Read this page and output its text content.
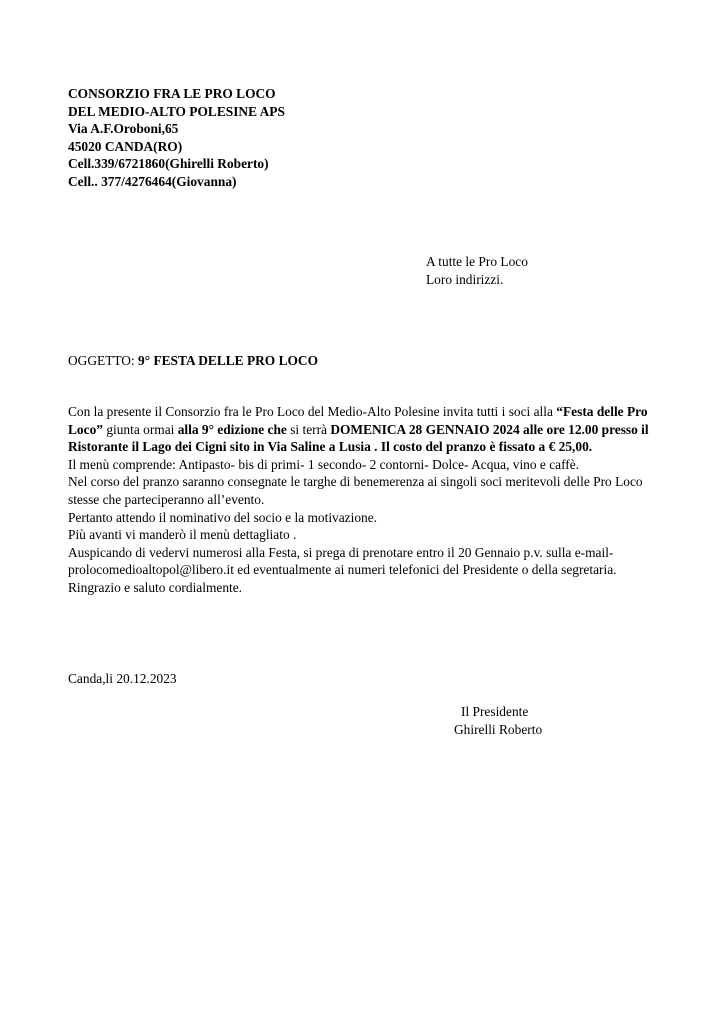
CONSORZIO FRA LE PRO LOCO
DEL MEDIO-ALTO POLESINE APS
Via A.F.Oroboni,65
45020 CANDA(RO)
Cell.339/6721860(Ghirelli Roberto)
Cell.. 377/4276464(Giovanna)
A tutte le Pro Loco
Loro indirizzi.
OGGETTO: 9° FESTA DELLE PRO LOCO

Con la presente il Consorzio fra le Pro Loco del Medio-Alto Polesine invita tutti i soci alla “Festa delle Pro Loco” giunta ormai alla 9° edizione che si terrà DOMENICA 28 GENNAIO 2024 alle ore 12.00 presso il Ristorante il Lago dei Cigni sito in Via Saline a Lusia . Il costo del pranzo è fissato a € 25,00.

Il menù comprende: Antipasto- bis di primi- 1 secondo- 2 contorni- Dolce- Acqua, vino e caffè.

Nel corso del pranzo saranno consegnate le targhe di benemerenza ai singoli soci meritevoli delle Pro Loco stesse che parteciperanno all’evento.

Pertanto attendo il nominativo del socio e la motivazione.

Più avanti vi manderò il menù dettagliato .

Auspicando di vedervi numerosi alla Festa, si prega di prenotare entro il 20 Gennaio p.v. sulla e-mail-prolocomedioaltopol@libero.it ed eventualmente ai numeri telefonici del Presidente o della segretaria.

Ringrazio e saluto cordialmente.

Canda,li 20.12.2023
Il Presidente
Ghirelli Roberto
